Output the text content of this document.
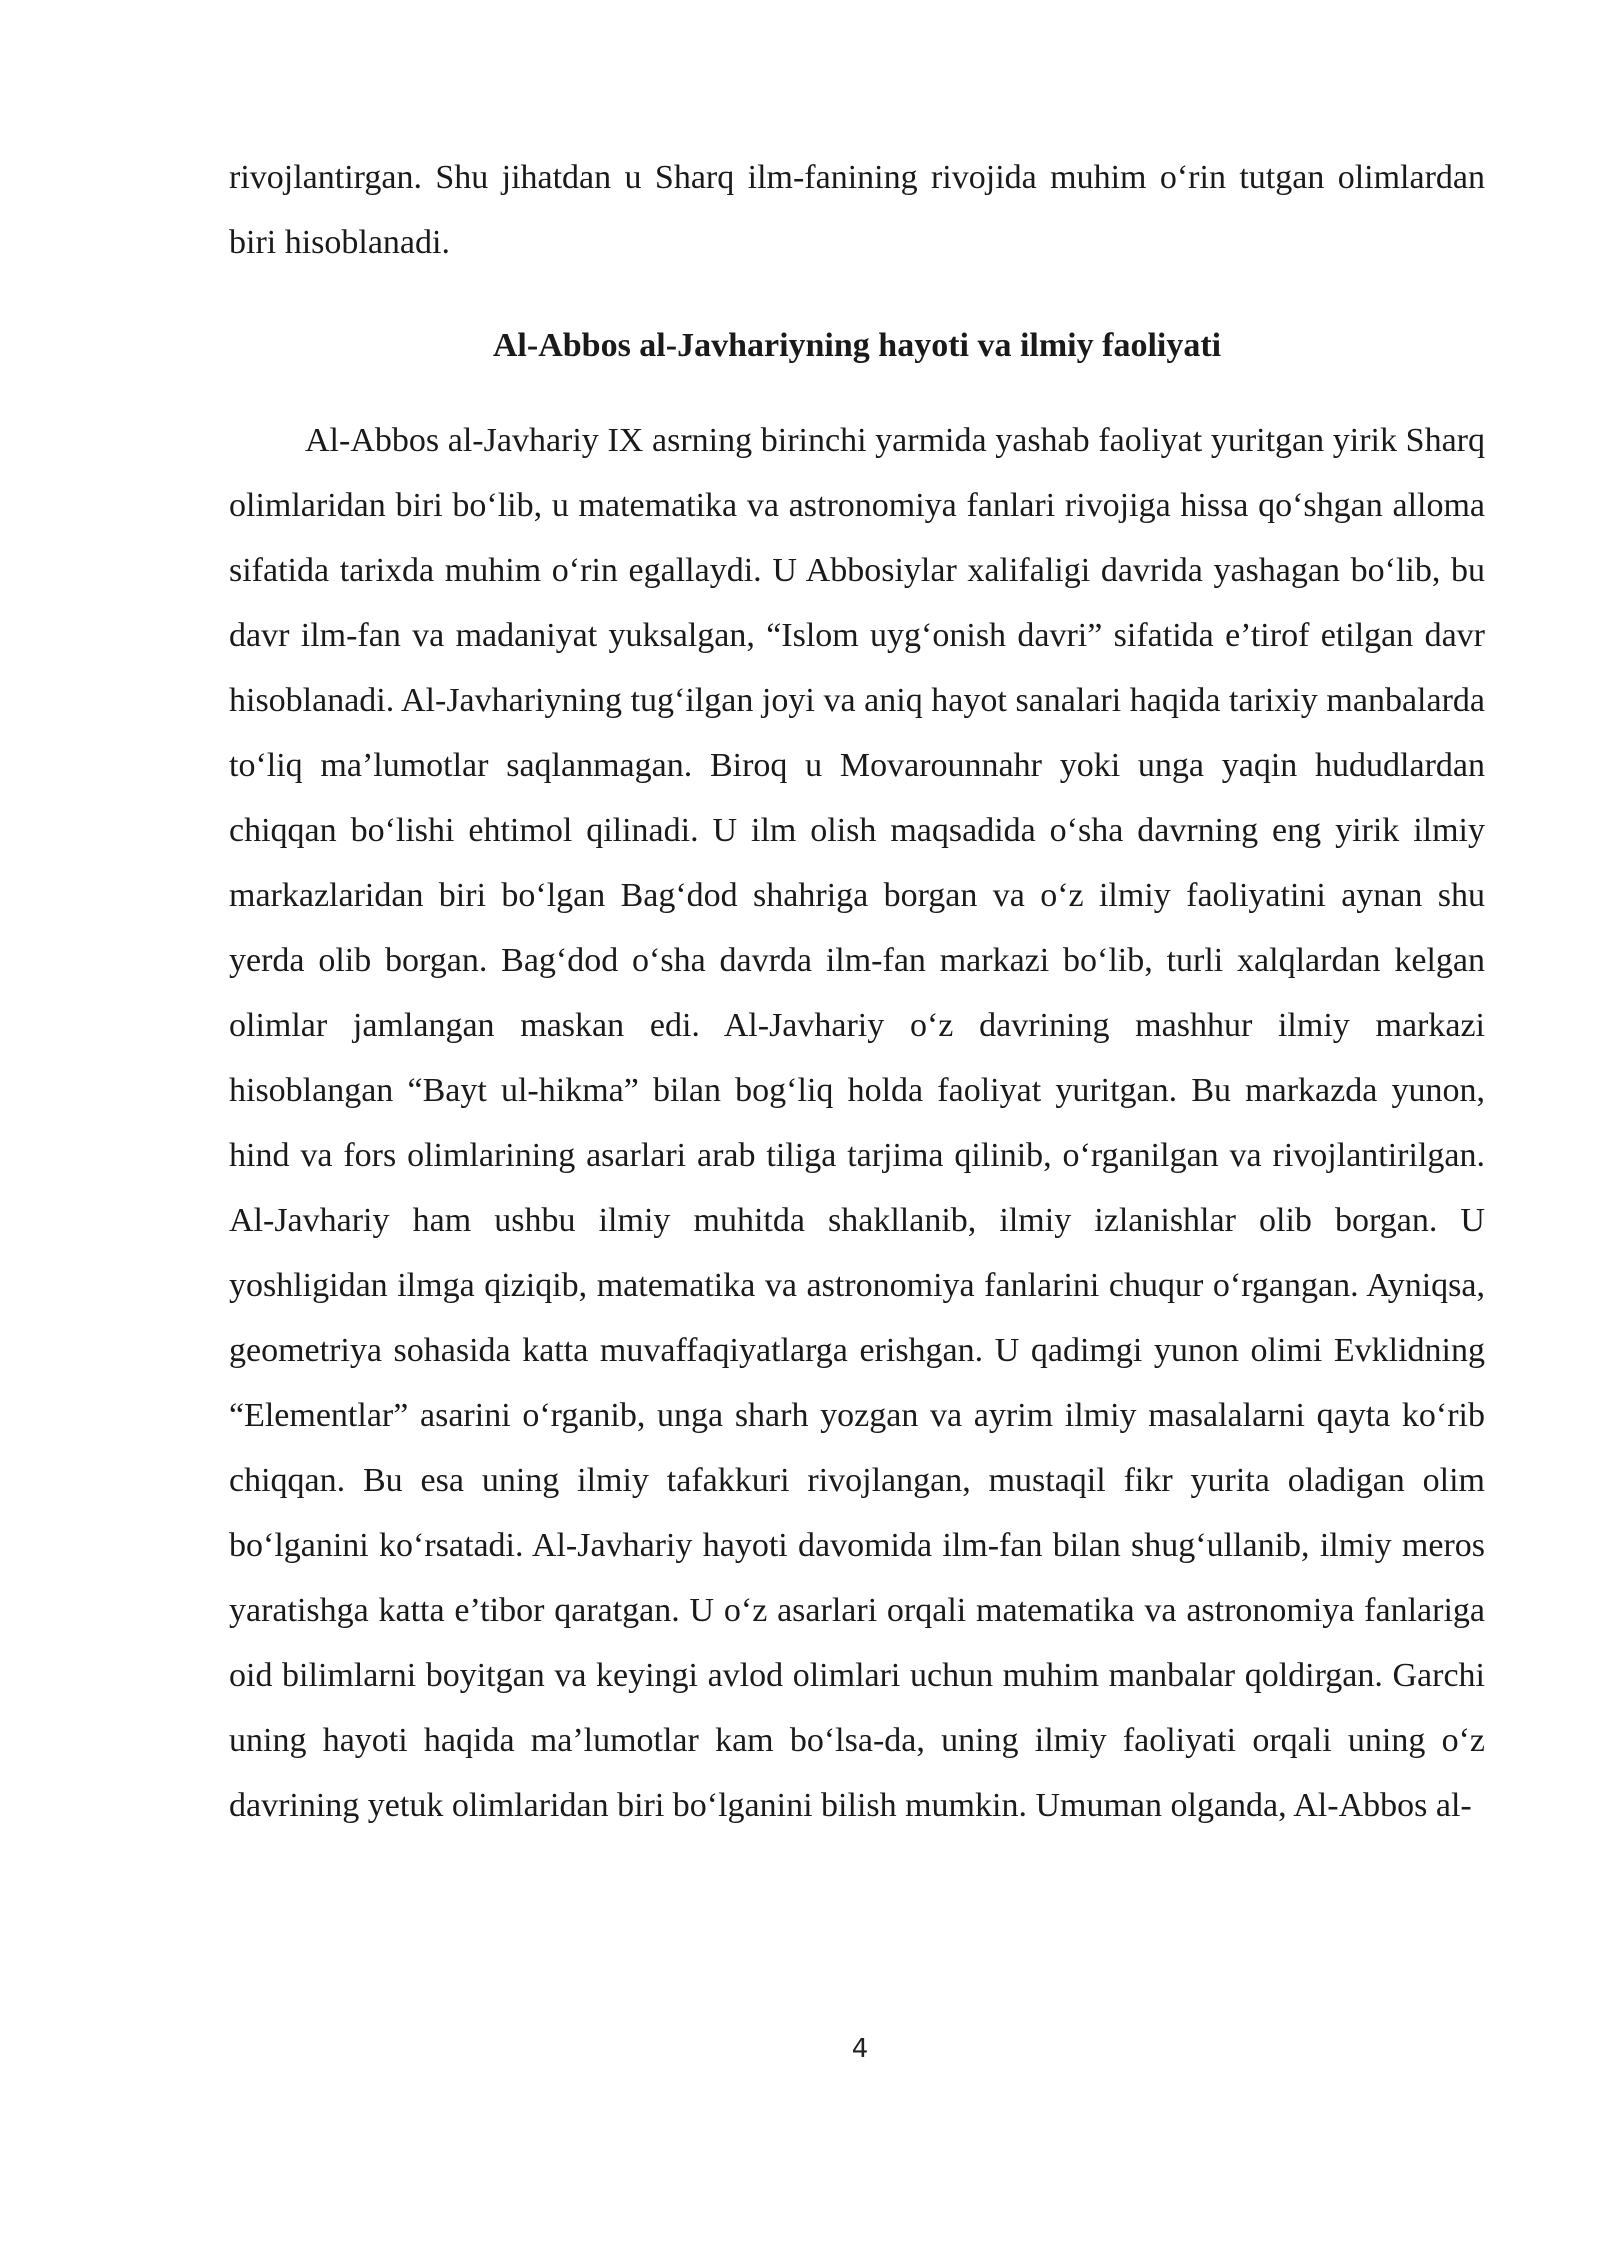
rivojlantirgan. Shu jihatdan u Sharq ilm-fanining rivojida muhim o‘rin tutgan olimlardan biri hisoblanadi.

Al-Abbos al-Javhariyning hayoti va ilmiy faoliyati

Al-Abbos al-Javhariy IX asrning birinchi yarmida yashab faoliyat yuritgan yirik Sharq olimlaridan biri bo‘lib, u matematika va astronomiya fanlari rivojiga hissa qo‘shgan alloma sifatida tarixda muhim o‘rin egallaydi. U Abbosiylar xalifaligi davrida yashagan bo‘lib, bu davr ilm-fan va madaniyat yuksalgan, “Islom uyg‘onish davri” sifatida e’tirof etilgan davr hisoblanadi. Al-Javhariyning tug‘ilgan joyi va aniq hayot sanalari haqida tarixiy manbalarda to‘liq ma’lumotlar saqlanmagan. Biroq u Movarounnahr yoki unga yaqin hududlardan chiqqan bo‘lishi ehtimol qilinadi. U ilm olish maqsadida o‘sha davrning eng yirik ilmiy markazlaridan biri bo‘lgan Bag‘dod shahriga borgan va o‘z ilmiy faoliyatini aynan shu yerda olib borgan. Bag‘dod o‘sha davrda ilm-fan markazi bo‘lib, turli xalqlardan kelgan olimlar jamlangan maskan edi. Al-Javhariy o‘z davrining mashhur ilmiy markazi hisoblangan “Bayt ul-hikma” bilan bog‘liq holda faoliyat yuritgan. Bu markazda yunon, hind va fors olimlarining asarlari arab tiliga tarjima qilinib, o‘rganilgan va rivojlantirilgan. Al-Javhariy ham ushbu ilmiy muhitda shakllanib, ilmiy izlanishlar olib borgan. U yoshligidan ilmga qiziqib, matematika va astronomiya fanlarini chuqur o‘rgangan. Ayniqsa, geometriya sohasida katta muvaffaqiyatlarga erishgan. U qadimgi yunon olimi Evklidning “Elementlar” asarini o‘rganib, unga sharh yozgan va ayrim ilmiy masalalarni qayta ko‘rib chiqqan. Bu esa uning ilmiy tafakkuri rivojlangan, mustaqil fikr yurita oladigan olim bo‘lganini ko‘rsatadi. Al-Javhariy hayoti davomida ilm-fan bilan shug‘ullanib, ilmiy meros yaratishga katta e’tibor qaratgan. U o‘z asarlari orqali matematika va astronomiya fanlariga oid bilimlarni boyitgan va keyingi avlod olimlari uchun muhim manbalar qoldirgan. Garchi uning hayoti haqida ma’lumotlar kam bo‘lsa-da, uning ilmiy faoliyati orqali uning o‘z davrining yetuk olimlaridan biri bo‘lganini bilish mumkin. Umuman olganda, Al-Abbos al-

4
